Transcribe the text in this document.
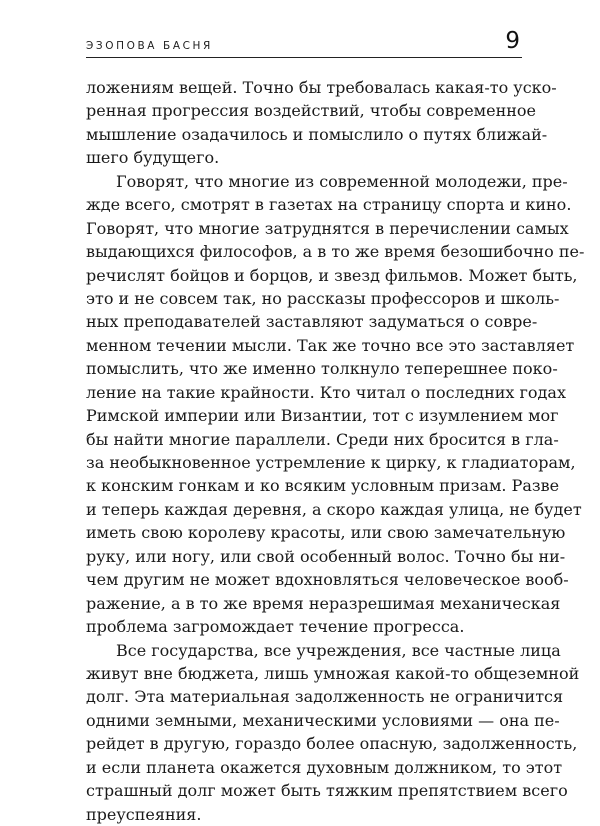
ЭЗОПОВА БАСНЯ	9
ложениям вещей. Точно бы требовалась какая-то уско-
ренная прогрессия воздействий, чтобы современное
мышление озадачилось и помыслило о путях ближай-
шего будущего.
Говорят, что многие из современной молодежи, пре-
жде всего, смотрят в газетах на страницу спорта и кино.
Говорят, что многие затруднятся в перечислении самых
выдающихся философов, а в то же время безошибочно пе-
речислят бойцов и борцов, и звезд фильмов. Может быть,
это и не совсем так, но рассказы профессоров и школь-
ных преподавателей заставляют задуматься о совре-
менном течении мысли. Так же точно все это заставляет
помыслить, что же именно толкнуло теперешнее поко-
ление на такие крайности. Кто читал о последних годах
Римской империи или Византии, тот с изумлением мог
бы найти многие параллели. Среди них бросится в гла-
за необыкновенное устремление к цирку, к гладиаторам,
к конским гонкам и ко всяким условным призам. Разве
и теперь каждая деревня, а скоро каждая улица, не будет
иметь свою королеву красоты, или свою замечательную
руку, или ногу, или свой особенный волос. Точно бы ни-
чем другим не может вдохновляться человеческое вооб-
ражение, а в то же время неразрешимая механическая
проблема загромождает течение прогресса.
Все государства, все учреждения, все частные лица
живут вне бюджета, лишь умножая какой-то общеземной
долг. Эта материальная задолженность не ограничится
одними земными, механическими условиями — она пе-
рейдет в другую, гораздо более опасную, задолженность,
и если планета окажется духовным должником, то этот
страшный долг может быть тяжким препятствием всего
преуспеяния.
